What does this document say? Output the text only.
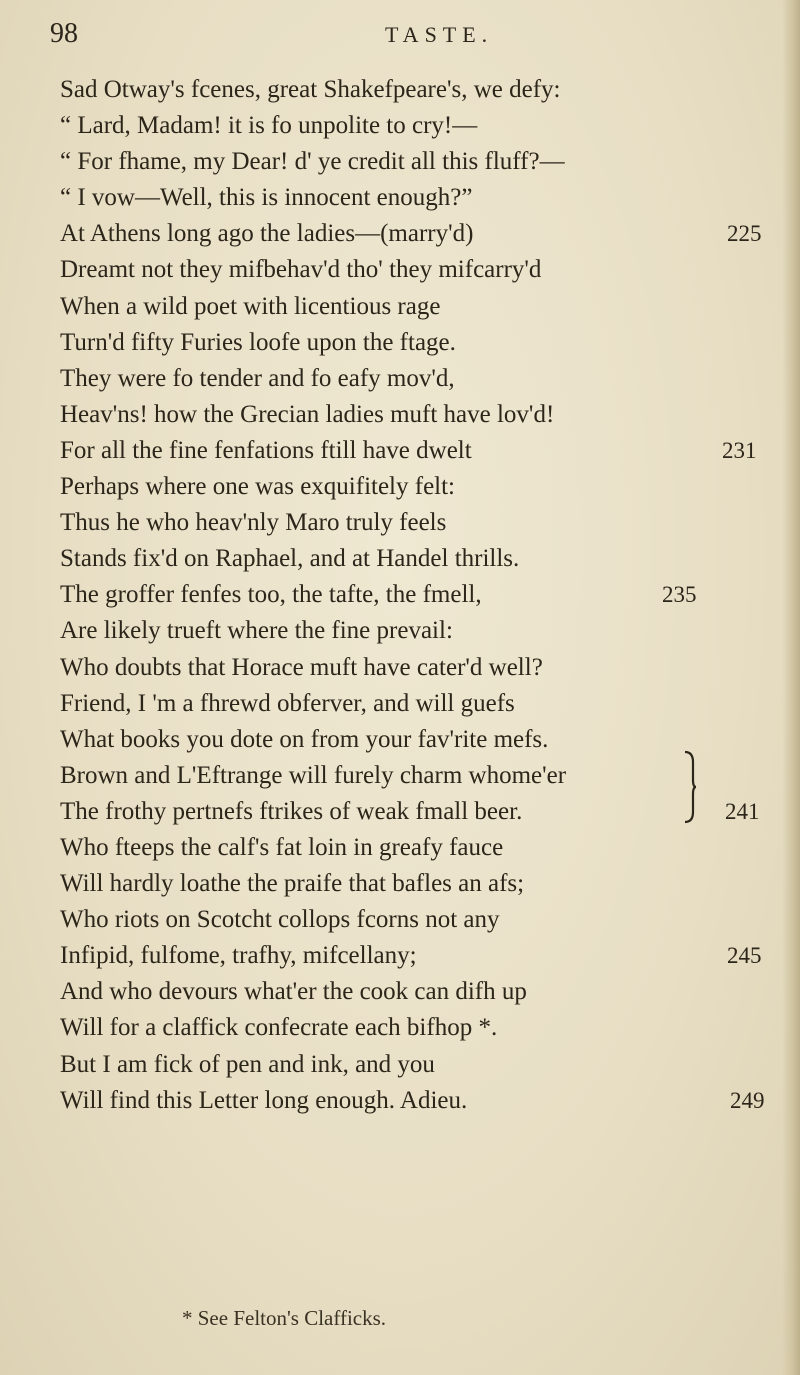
98	TASTE.
Sad Otway's fcenes, great Shakefpeare's, we defy:
“ Lard, Madam! it is fo unpolite to cry!—
“ For fhame, my Dear! d' ye credit all this fluff?—
“ I vow—Well, this is innocent enough?”
At Athens long ago the ladies—(marry'd)	225
Dreamt not they mifbehav'd tho' they mifcarry'd
When a wild poet with licentious rage
Turn'd fifty Furies loofe upon the ftage.
They were fo tender and fo eafy mov'd,
Heav'ns! how the Grecian ladies muft have lov'd!
For all the fine fenfations ftill have dwelt	231
Perhaps where one was exquifitely felt:
Thus he who heav'nly Maro truly feels
Stands fix'd on Raphael, and at Handel thrills.
The groffer fenfes too, the tafte, the fmell,	235
Are likely trueft where the fine prevail:
Who doubts that Horace muft have cater'd well?
Friend, I 'm a fhrewd obferver, and will guefs
What books you dote on from your fav'rite mefs.
Brown and L'Eftrange will furely charm whome'er
The frothy pertnefs ftrikes of weak fmall beer.	241
Who fteeps the calf's fat loin in greafy fauce
Will hardly loathe the praife that bafles an afs;
Who riots on Scotcht collops fcorns not any
Infipid, fulfome, trafhy, mifcellany;	245
And who devours what'er the cook can difh up
Will for a claffick confecrate each bifhop *.
But I am fick of pen and ink, and you
Will find this Letter long enough. Adieu.	249
* See Felton's Clafficks.
